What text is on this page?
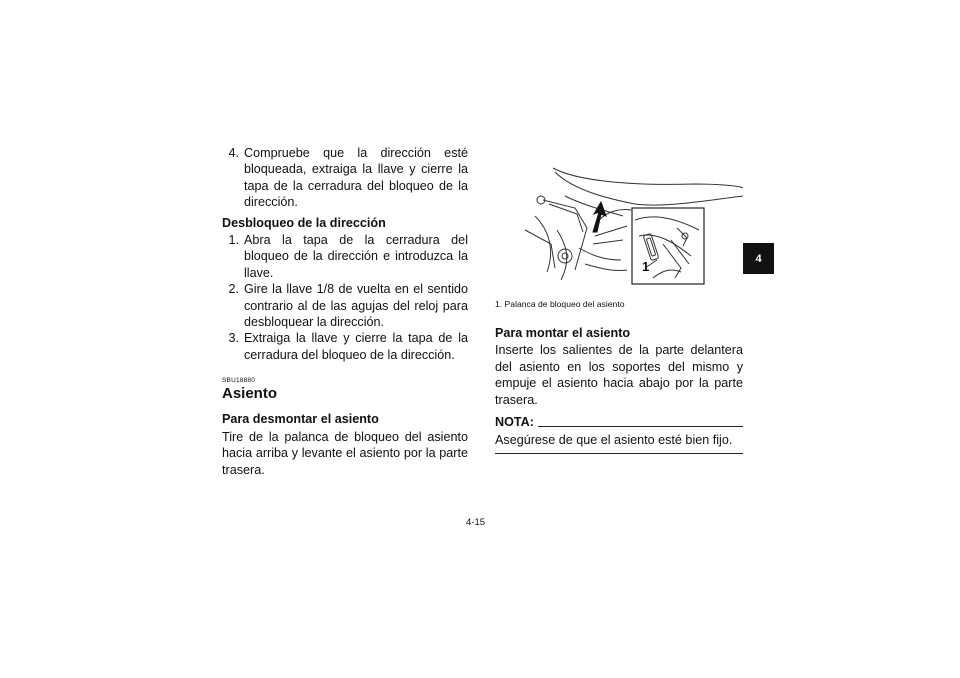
4. Compruebe que la dirección esté bloqueada, extraiga la llave y cierre la tapa de la cerradura del bloqueo de la dirección.
Desbloqueo de la dirección
1. Abra la tapa de la cerradura del bloqueo de la dirección e introduzca la llave.
2. Gire la llave 1/8 de vuelta en el sentido contrario al de las agujas del reloj para desbloquear la dirección.
3. Extraiga la llave y cierre la tapa de la cerradura del bloqueo de la dirección.
SBU18880
Asiento
Para desmontar el asiento

Tire de la palanca de bloqueo del asiento hacia arriba y levante el asiento por la parte trasera.

1
1. Palanca de bloqueo del asiento
Para montar el asiento

Inserte los salientes de la parte delantera del asiento en los soportes del mismo y empuje el asiento hacia abajo por la parte trasera.

NOTA:
Asegúrese de que el asiento esté bien fijo.
4-15
4
